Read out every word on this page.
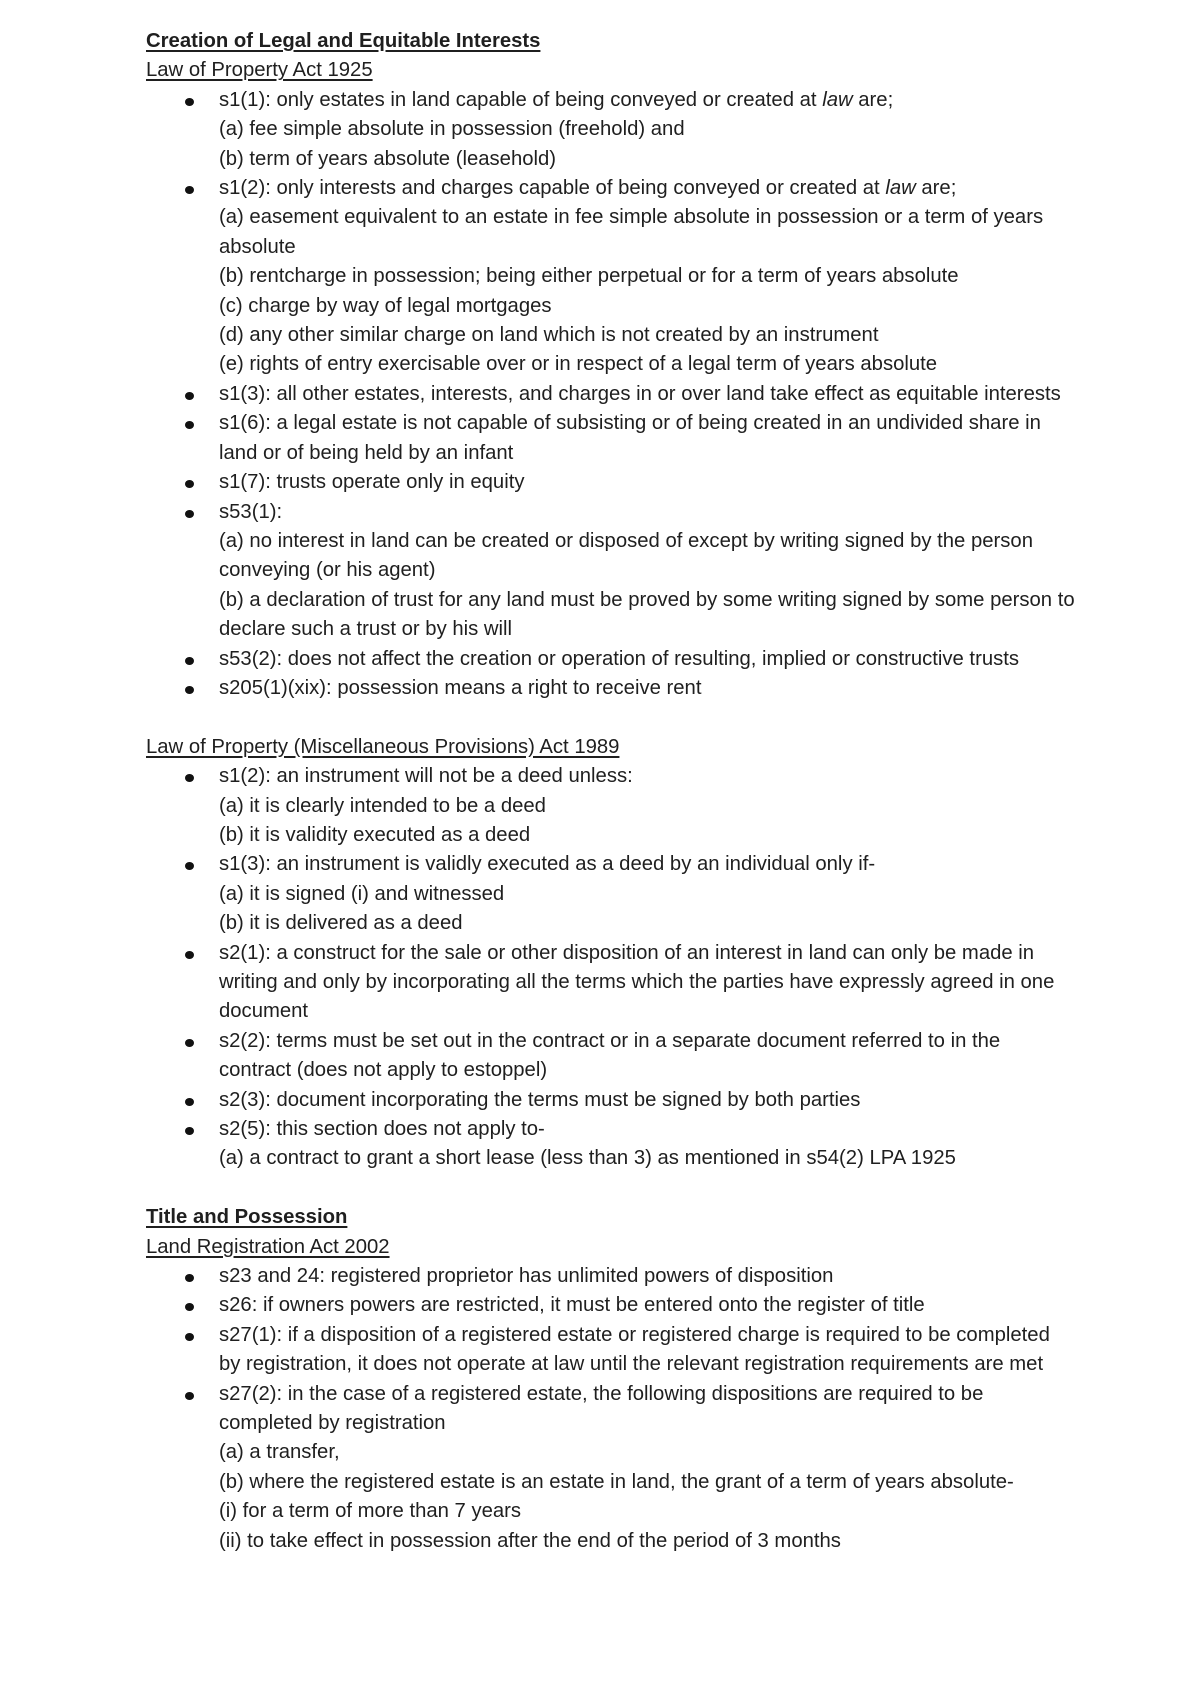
Creation of Legal and Equitable Interests
Law of Property Act 1925
s1(1): only estates in land capable of being conveyed or created at law are;
(a) fee simple absolute in possession (freehold) and
(b) term of years absolute (leasehold)
s1(2): only interests and charges capable of being conveyed or created at law are;
(a) easement equivalent to an estate in fee simple absolute in possession or a term of years absolute
(b) rentcharge in possession; being either perpetual or for a term of years absolute
(c) charge by way of legal mortgages
(d) any other similar charge on land which is not created by an instrument
(e) rights of entry exercisable over or in respect of a legal term of years absolute
s1(3): all other estates, interests, and charges in or over land take effect as equitable interests
s1(6): a legal estate is not capable of subsisting or of being created in an undivided share in land or of being held by an infant
s1(7): trusts operate only in equity
s53(1):
(a) no interest in land can be created or disposed of except by writing signed by the person conveying (or his agent)
(b) a declaration of trust for any land must be proved by some writing signed by some person to declare such a trust or by his will
s53(2): does not affect the creation or operation of resulting, implied or constructive trusts
s205(1)(xix): possession means a right to receive rent
Law of Property (Miscellaneous Provisions) Act 1989
s1(2): an instrument will not be a deed unless:
(a) it is clearly intended to be a deed
(b) it is validity executed as a deed
s1(3): an instrument is validly executed as a deed by an individual only if-
(a) it is signed (i) and witnessed
(b) it is delivered as a deed
s2(1): a construct for the sale or other disposition of an interest in land can only be made in writing and only by incorporating all the terms which the parties have expressly agreed in one document
s2(2): terms must be set out in the contract or in a separate document referred to in the contract (does not apply to estoppel)
s2(3): document incorporating the terms must be signed by both parties
s2(5): this section does not apply to-
(a) a contract to grant a short lease (less than 3) as mentioned in s54(2) LPA 1925
Title and Possession
Land Registration Act 2002
s23 and 24: registered proprietor has unlimited powers of disposition
s26: if owners powers are restricted, it must be entered onto the register of title
s27(1): if a disposition of a registered estate or registered charge is required to be completed by registration, it does not operate at law until the relevant registration requirements are met
s27(2): in the case of a registered estate, the following dispositions are required to be completed by registration
(a) a transfer,
(b) where the registered estate is an estate in land, the grant of a term of years absolute-
(i) for a term of more than 7 years
(ii) to take effect in possession after the end of the period of 3 months
